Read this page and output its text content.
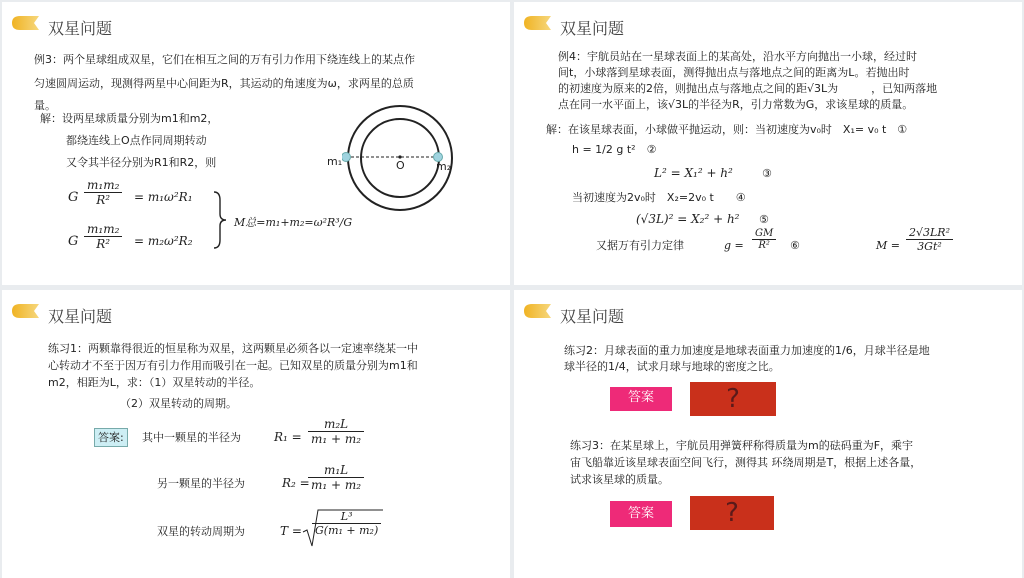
双星问题
例3：两个星球组成双星，它们在相互之间的万有引力作用下绕连线上的某点作
匀速圆周运动，现测得两星中心间距为R，其运动的角速度为ω，求两星的总质
量。
解：设两星球质量分别为m1和m2，
都绕连线上O点作同周期转动
又令其半径分别为R1和R2，则
G $\frac{\text{m₁m₂}}{\text{R²}} = m_1\omega^2R_1$
G $\frac{\text{m₁m₂}}{\text{R²}} = m_2\omega^2R_2$
M总=m₁+m₂=ω²R³/G
m₁	O	m₂
双星问题
例4：宇航员站在一星球表面上的某高处，沿水平方向抛出一小球，经过时
间t，小球落到星球表面，测得抛出点与落地点之间的距离为L。若抛出时
的初速度为原来的2倍，则抛出点与落地点之间的距√3L为　　　，已知两落地
点在同一水平面上，该√3L的半径为R，引力常数为G，求该星球的质量。
解：在该星球表面，小球做平抛运动，则：当初速度为v₀时　X₁= v₀ t　①
h = 1/2 g t²　②
L² = X₁² + h²	③
当初速度为2v₀时　X₂=2v₀ t　　④
(√3L)² = X₂² + h² ⑤
又据万有引力定律	$g = \frac{GM}{\text{R²}}$ ⑥	$M = \frac{\text{2√3LR²}}{\text{3Gt²}}$
双星问题
练习1：两颗靠得很近的恒星称为双星，这两颗星必须各以一定速率绕某一中
心转动才不至于因万有引力作用而吸引在一起。已知双星的质量分别为m1和
m2，相距为L，求：（1）双星转动的半径。
（2）双星转动的周期。
答案:	其中一颗星的半径为	$R_1 = \frac{\text{m₂L}}{\text{m₁ + m₂}}$
另一颗星的半径为	R₂ =
$\frac{\text{m₁L}}{\text{m₁ + m₂}}$
双星的转动周期为	$T = \frac{\text{L³}}{\text{G(m₁ + m₂)}}$
双星问题
练习2：月球表面的重力加速度是地球表面重力加速度的1/6，月球半径是地
球半径的1/4，试求月球与地球的密度之比。
答案	?
练习3：在某星球上，宇航员用弹簧秤称得质量为m的砝码重为F，乘宇
宙飞船靠近该星球表面空间飞行，测得其 环绕周期是T，根据上述各量，
试求该星球的质量。
答案	?
